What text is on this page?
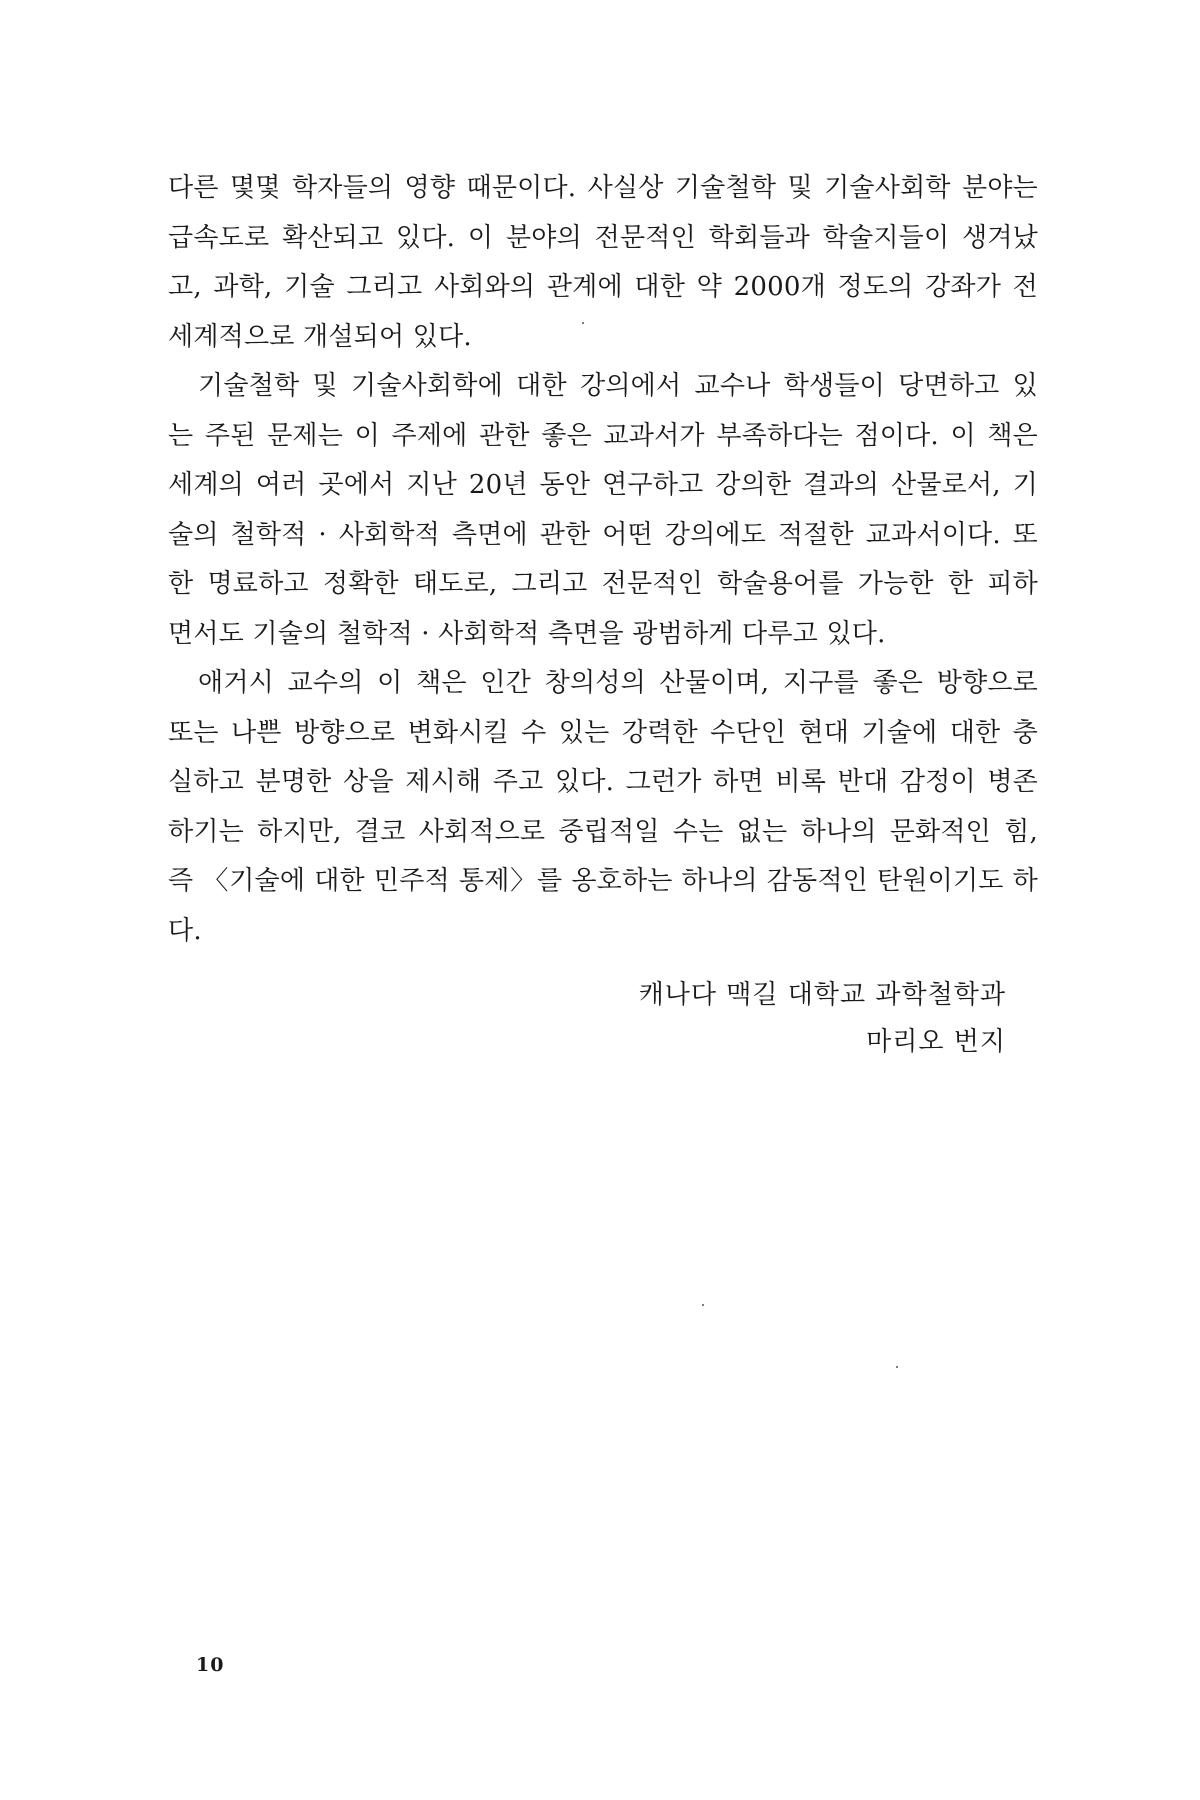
다른 몇몇 학자들의 영향 때문이다. 사실상 기술철학 및 기술사회학 분야는
급속도로 확산되고 있다. 이 분야의 전문적인 학회들과 학술지들이 생겨났
고, 과학, 기술 그리고 사회와의 관계에 대한 약 2000개 정도의 강좌가 전
세계적으로 개설되어 있다.
기술철학 및 기술사회학에 대한 강의에서 교수나 학생들이 당면하고 있
는 주된 문제는 이 주제에 관한 좋은 교과서가 부족하다는 점이다. 이 책은
세계의 여러 곳에서 지난 20년 동안 연구하고 강의한 결과의 산물로서, 기
술의 철학적 · 사회학적 측면에 관한 어떤 강의에도 적절한 교과서이다. 또
한 명료하고 정확한 태도로, 그리고 전문적인 학술용어를 가능한 한 피하
면서도 기술의 철학적 · 사회학적 측면을 광범하게 다루고 있다.
애거시 교수의 이 책은 인간 창의성의 산물이며, 지구를 좋은 방향으로
또는 나쁜 방향으로 변화시킬 수 있는 강력한 수단인 현대 기술에 대한 충
실하고 분명한 상을 제시해 주고 있다. 그런가 하면 비록 반대 감정이 병존
하기는 하지만, 결코 사회적으로 중립적일 수는 없는 하나의 문화적인 힘,
즉 〈기술에 대한 민주적 통제〉를 옹호하는 하나의 감동적인 탄원이기도 하
다.
캐나다 맥길 대학교 과학철학과
마리오 번지
10
